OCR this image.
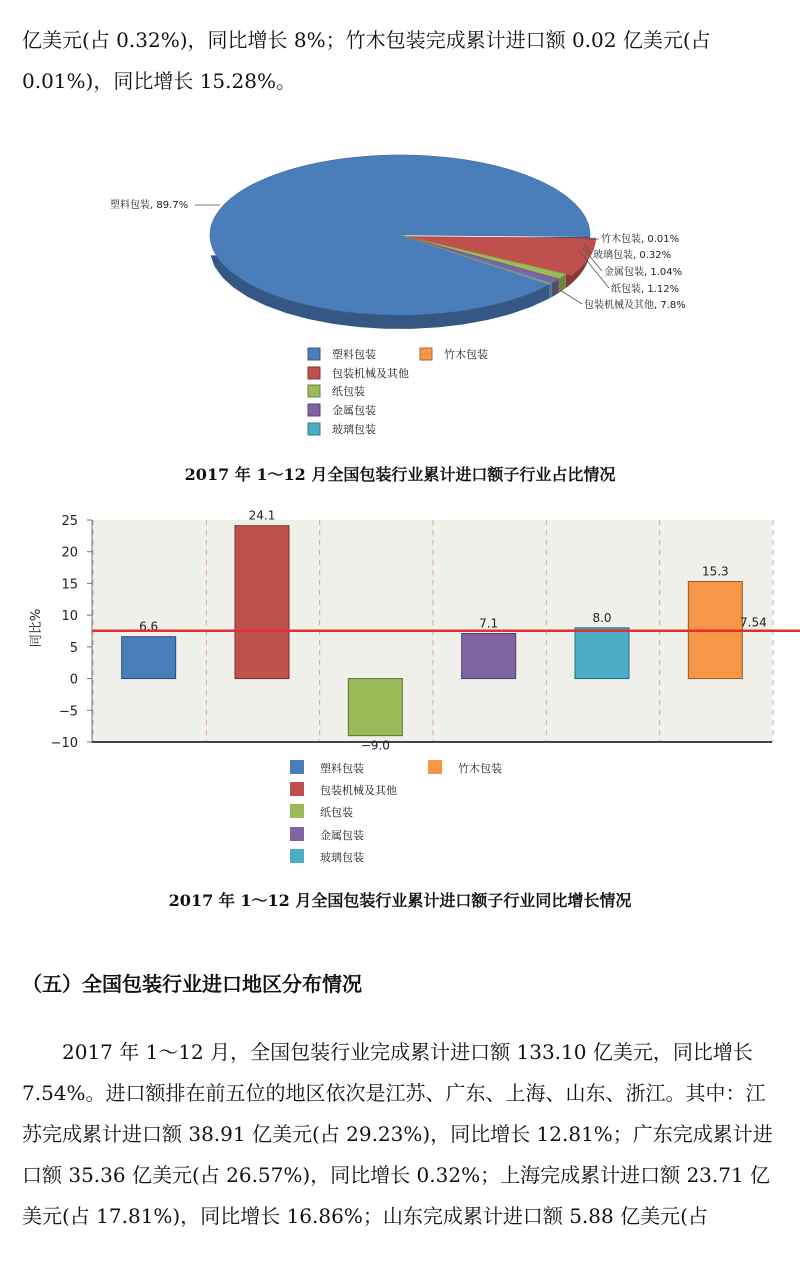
亿美元(占 0.32%)，同比增长 8%；竹木包装完成累计进口额 0.02 亿美元(占 0.01%)，同比增长 15.28%。

塑料包装, 89.7%
包装机械及其他, 7.8%
纸包装, 1.12%
金属包装, 1.04%
玻璃包装, 0.32%
竹木包装, 0.01%
塑料包装	竹木包装
包装机械及其他
纸包装
金属包装
玻璃包装
2017 年 1～12 月全国包装行业累计进口额子行业占比情况
25
20
15
10
5
0
−5
−10
同比%	6.6
24.1
−9.0
7.1	8.0
15.3
7.54
塑料包装	竹木包装
包装机械及其他
纸包装
金属包装
玻璃包装
2017 年 1～12 月全国包装行业累计进口额子行业同比增长情况
（五）全国包装行业进口地区分布情况

2017 年 1～12 月，全国包装行业完成累计进口额 133.10 亿美元，同比增长 7.54%。进口额排在前五位的地区依次是江苏、广东、上海、山东、浙江。其中：江苏完成累计进口额 38.91 亿美元(占 29.23%)，同比增长 12.81%；广东完成累计进口额 35.36 亿美元(占 26.57%)，同比增长 0.32%；上海完成累计进口额 23.71 亿美元(占 17.81%)，同比增长 16.86%；山东完成累计进口额 5.88 亿美元(占
